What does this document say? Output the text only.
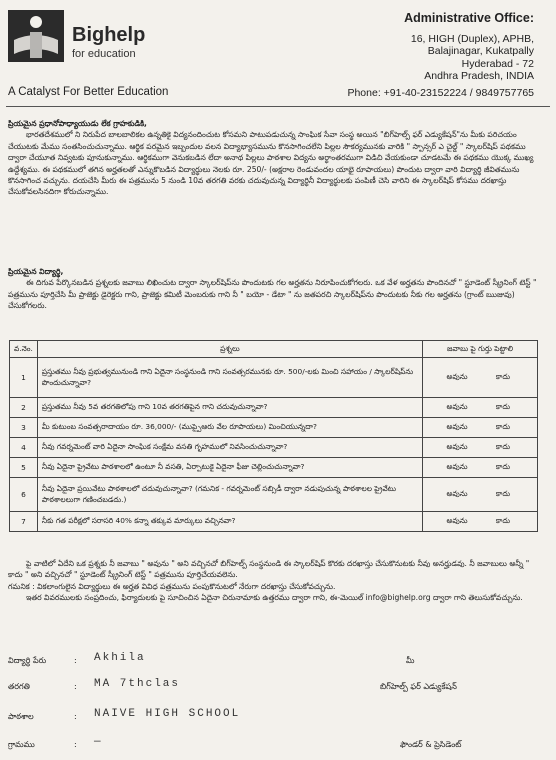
Bighelp
for education
A Catalyst For Better Education
Administrative Office:
16, HIGH (Duplex), APHB,
Balajinagar, Kukatpally
Hyderabad - 72
Andhra Pradesh, INDIA
Phone: +91-40-23152224 / 9849757765

ప్రియమైన ప్రధానోపాధ్యాయుడు లేక గ్రాహకుడికి,

భారతదేశములో ని నిరుపేద బాలబాలికల ఉన్నతికై విద్యనందించుట కోసమని పాటుపడుచున్న సాంఘిక సేవా సంస్థ అయిన "బిగ్‌హెల్ప్ ఫర్ ఎడ్యుకేషన్"ను మీకు పరిచయం చేయుటకు మేము సంతసించుచున్నాము. ఆర్థిక పరమైన ఇబ్బందుల వలన విద్యాభ్యాసమును కొనసాగించలేని పిల్లల సౌకర్యమునకు వారికి " స్పాన్సర్ ఎ చైల్డ్ " స్కాలర్‌షిప్ పథకము ద్వారా చేయూత నివ్వటకు పూనుకున్నాము. ఆర్థికముగా వెనుకబడిన లేదా అనాథ పిల్లలు పాఠశాల విద్యను అర్థాంతరముగా విడిచి వేయకుండా చూడటమే ఈ పథకము యొక్క ముఖ్య ఉద్దేశ్యము. ఈ పథకములో తగిన అర్హతలతో ఎన్నుకొబడిన విద్యార్థులు నెలకు రూ. 250/- (అక్షరాల రెండువందల యాభై రూపాయలు) పొందుట ద్వారా వారి విద్యార్థి జీవితమును కొనసాగించ వచ్చును. దయచేసి మీరు ఈ పత్రమును 5 నుండి 10వ తరగతి వరకు చదువుచున్న విద్యార్థినీ విద్యార్థులకు పంపిణీ చెసి వారిని ఈ స్కాలర్‌షిప్ కోసము దరఖాస్తు చేసుకోవలసినదిగా కోరుచున్నాము.

ప్రియమైన విద్యార్థి,

ఈ దిగువ పేర్కొనబడిన ప్రశ్నలకు జవాబు లిఖించుట ద్వారా స్కాలర్‌షిప్‌ను పొందుటకు గల అర్హతను నిరూపించుకోగలరు. ఒక వేళ అర్హతను పొందినచో " స్టూడెంట్ స్క్రీనింగ్ టెస్ట్ " పత్రమును పూర్తిచేసి మీ ప్రాజెక్టు డైరెక్టరు గాని, ప్రాజెక్టు కమిటీ మెంబరుకు గాని నీ " బయో - డేటా " ను జతపరచి స్కాలర్‌షిప్‌ను పొందుటకు నీకు గల అర్హతను (గ్రాంట్ ఋజువు) చేసుకోగలరు.

వ.నెం.	ప్రశ్నలు	జవాబు పై గుర్తు పెట్టాలి
1	ప్రస్తుతము నీవు ప్రభుత్వమునుండి గాని ఏదైనా సంస్థనుండి గాని సంవత్సరమునకు రూ. 500/-లకు మించి సహాయం / స్కాలర్‌షిప్‌ను పొందుచున్నావా?	అవును కాదు
2	ప్రస్తుతము నీవు 5వ తరగతిలోపు గాని 10వ తరగతిపైన గాని చదువుచున్నావా?	అవును కాదు
3	మీ కుటుంబ సంవత్సరాదాయం రూ. 36,000/- (ముప్పైఆరు వేల రూపాయలు) మించియున్నదా?	అవును కాదు
4	నీవు గవర్నమెంట్ వారి ఏదైనా సాంఘిక సంక్షేమ వసతి గృహములో నివసించుచున్నావా?	అవును కాదు
5	నీవు ఏదైనా ప్రైవేటు పాఠశాలలో ఉంటూ నీ వసతి, ఏర్పాటుకై ఏదైనా ఫీజు చెల్లించుచున్నావా?	అవును కాదు
6	నీవు ఏదైనా ప్రయివేటు పాఠశాలలో చదువుచున్నావా? (గమనిక - గవర్నమెంట్ సబ్సిడీ ద్వారా నడుపుచున్న పాఠశాలల ప్రైవేటు పాఠశాలలుగా గణించబడదు.)	అవును కాదు
7	నీకు గత పరీక్షలో సరాసరి 40% కన్నా తక్కువ మార్కులు వచ్చినవా?	అవును కాదు

పై వాటిలో ఏదేని ఒక ప్రశ్నకు నీ జవాబు " అవును " అని వచ్చినచో బిగ్‌హెల్ప్ సంస్థనుండి ఈ స్కాలర్‌షిప్ కొరకు దరఖాస్తు చేసుకొనుటకు నీవు అనర్హుడవు. నీ జవాబులు అన్నీ " కాదు " అని వచ్చినచో " స్టూడెంట్ స్క్రీనింగ్ టెస్ట్ " పత్రమును పూర్తిచేయవలెను.

గమనిక : వికలాంగులైన విద్యార్థులు ఈ అర్హత వివిధ పత్రమును పంపుకొనుటలో నేరుగా దరఖాస్తు చేసుకోవచ్చును.

ఇతర వివరములకు సంప్రదించు, ఫిర్యాదులకు పై సూచించిన ఏదైనా చిరునామాకు ఉత్తరము ద్వారా గాని, ఈ-మెయిల్ info@bighelp.org ద్వారా గాని తెలుసుకోవచ్చును.

విద్యార్థి పేరు	: Akhila
తరగతి	: MA 7thclas
పాఠశాల	: NAIVE HIGH SCHOOL
గ్రామము	: —
మీ
బిగ్‌హెల్ప్ ఫర్ ఎడ్యుకేషన్
ఫౌండర్ & ప్రెసిడెంట్
